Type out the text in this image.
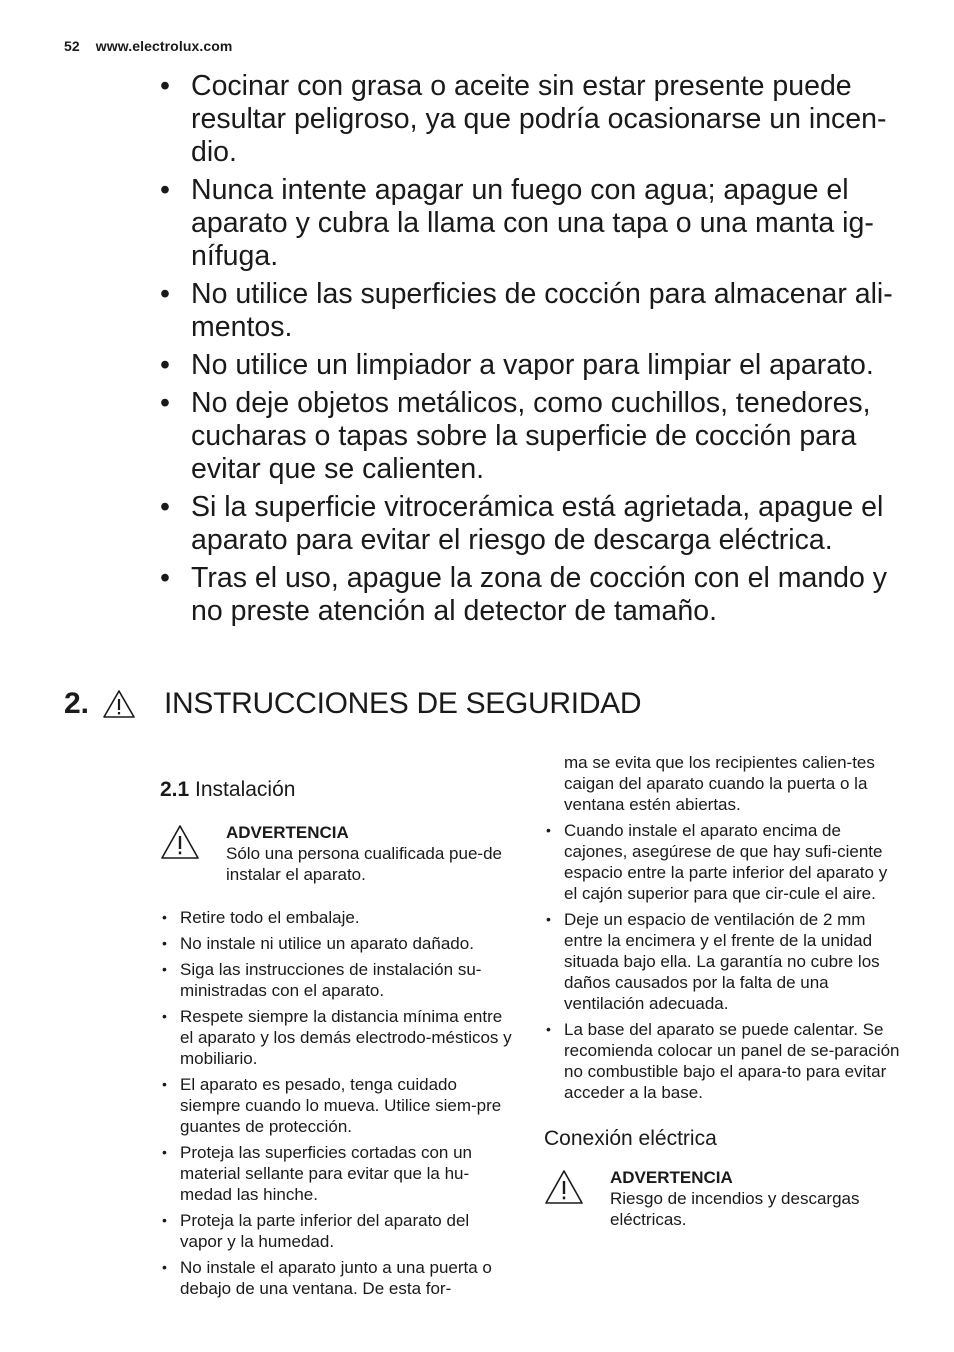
52 www.electrolux.com
• Cocinar con grasa o aceite sin estar presente puede resultar peligroso, ya que podría ocasionarse un incen-dio.
• Nunca intente apagar un fuego con agua; apague el aparato y cubra la llama con una tapa o una manta ig-nífuga.
• No utilice las superficies de cocción para almacenar ali-mentos.
• No utilice un limpiador a vapor para limpiar el aparato.
• No deje objetos metálicos, como cuchillos, tenedores, cucharas o tapas sobre la superficie de cocción para evitar que se calienten.
• Si la superficie vitrocerámica está agrietada, apague el aparato para evitar el riesgo de descarga eléctrica.
• Tras el uso, apague la zona de cocción con el mando y no preste atención al detector de tamaño.
2.	INSTRUCCIONES DE SEGURIDAD
2.1 Instalación
ADVERTENCIA
Sólo una persona cualificada pue-de instalar el aparato.
• Retire todo el embalaje.
• No instale ni utilice un aparato dañado.
• Siga las instrucciones de instalación su-ministradas con el aparato.
• Respete siempre la distancia mínima entre el aparato y los demás electrodo-mésticos y mobiliario.
• El aparato es pesado, tenga cuidado siempre cuando lo mueva. Utilice siem-pre guantes de protección.
• Proteja las superficies cortadas con un material sellante para evitar que la hu-medad las hinche.
• Proteja la parte inferior del aparato del vapor y la humedad.
• No instale el aparato junto a una puerta o debajo de una ventana. De esta for-

ma se evita que los recipientes calien-tes caigan del aparato cuando la puerta o la ventana estén abiertas.

• Cuando instale el aparato encima de cajones, asegúrese de que hay sufi-ciente espacio entre la parte inferior del aparato y el cajón superior para que cir-cule el aire.
• Deje un espacio de ventilación de 2 mm entre la encimera y el frente de la unidad situada bajo ella. La garantía no cubre los daños causados por la falta de una ventilación adecuada.
• La base del aparato se puede calentar. Se recomienda colocar un panel de se-paración no combustible bajo el apara-to para evitar acceder a la base.
Conexión eléctrica
ADVERTENCIA
Riesgo de incendios y descargas eléctricas.
